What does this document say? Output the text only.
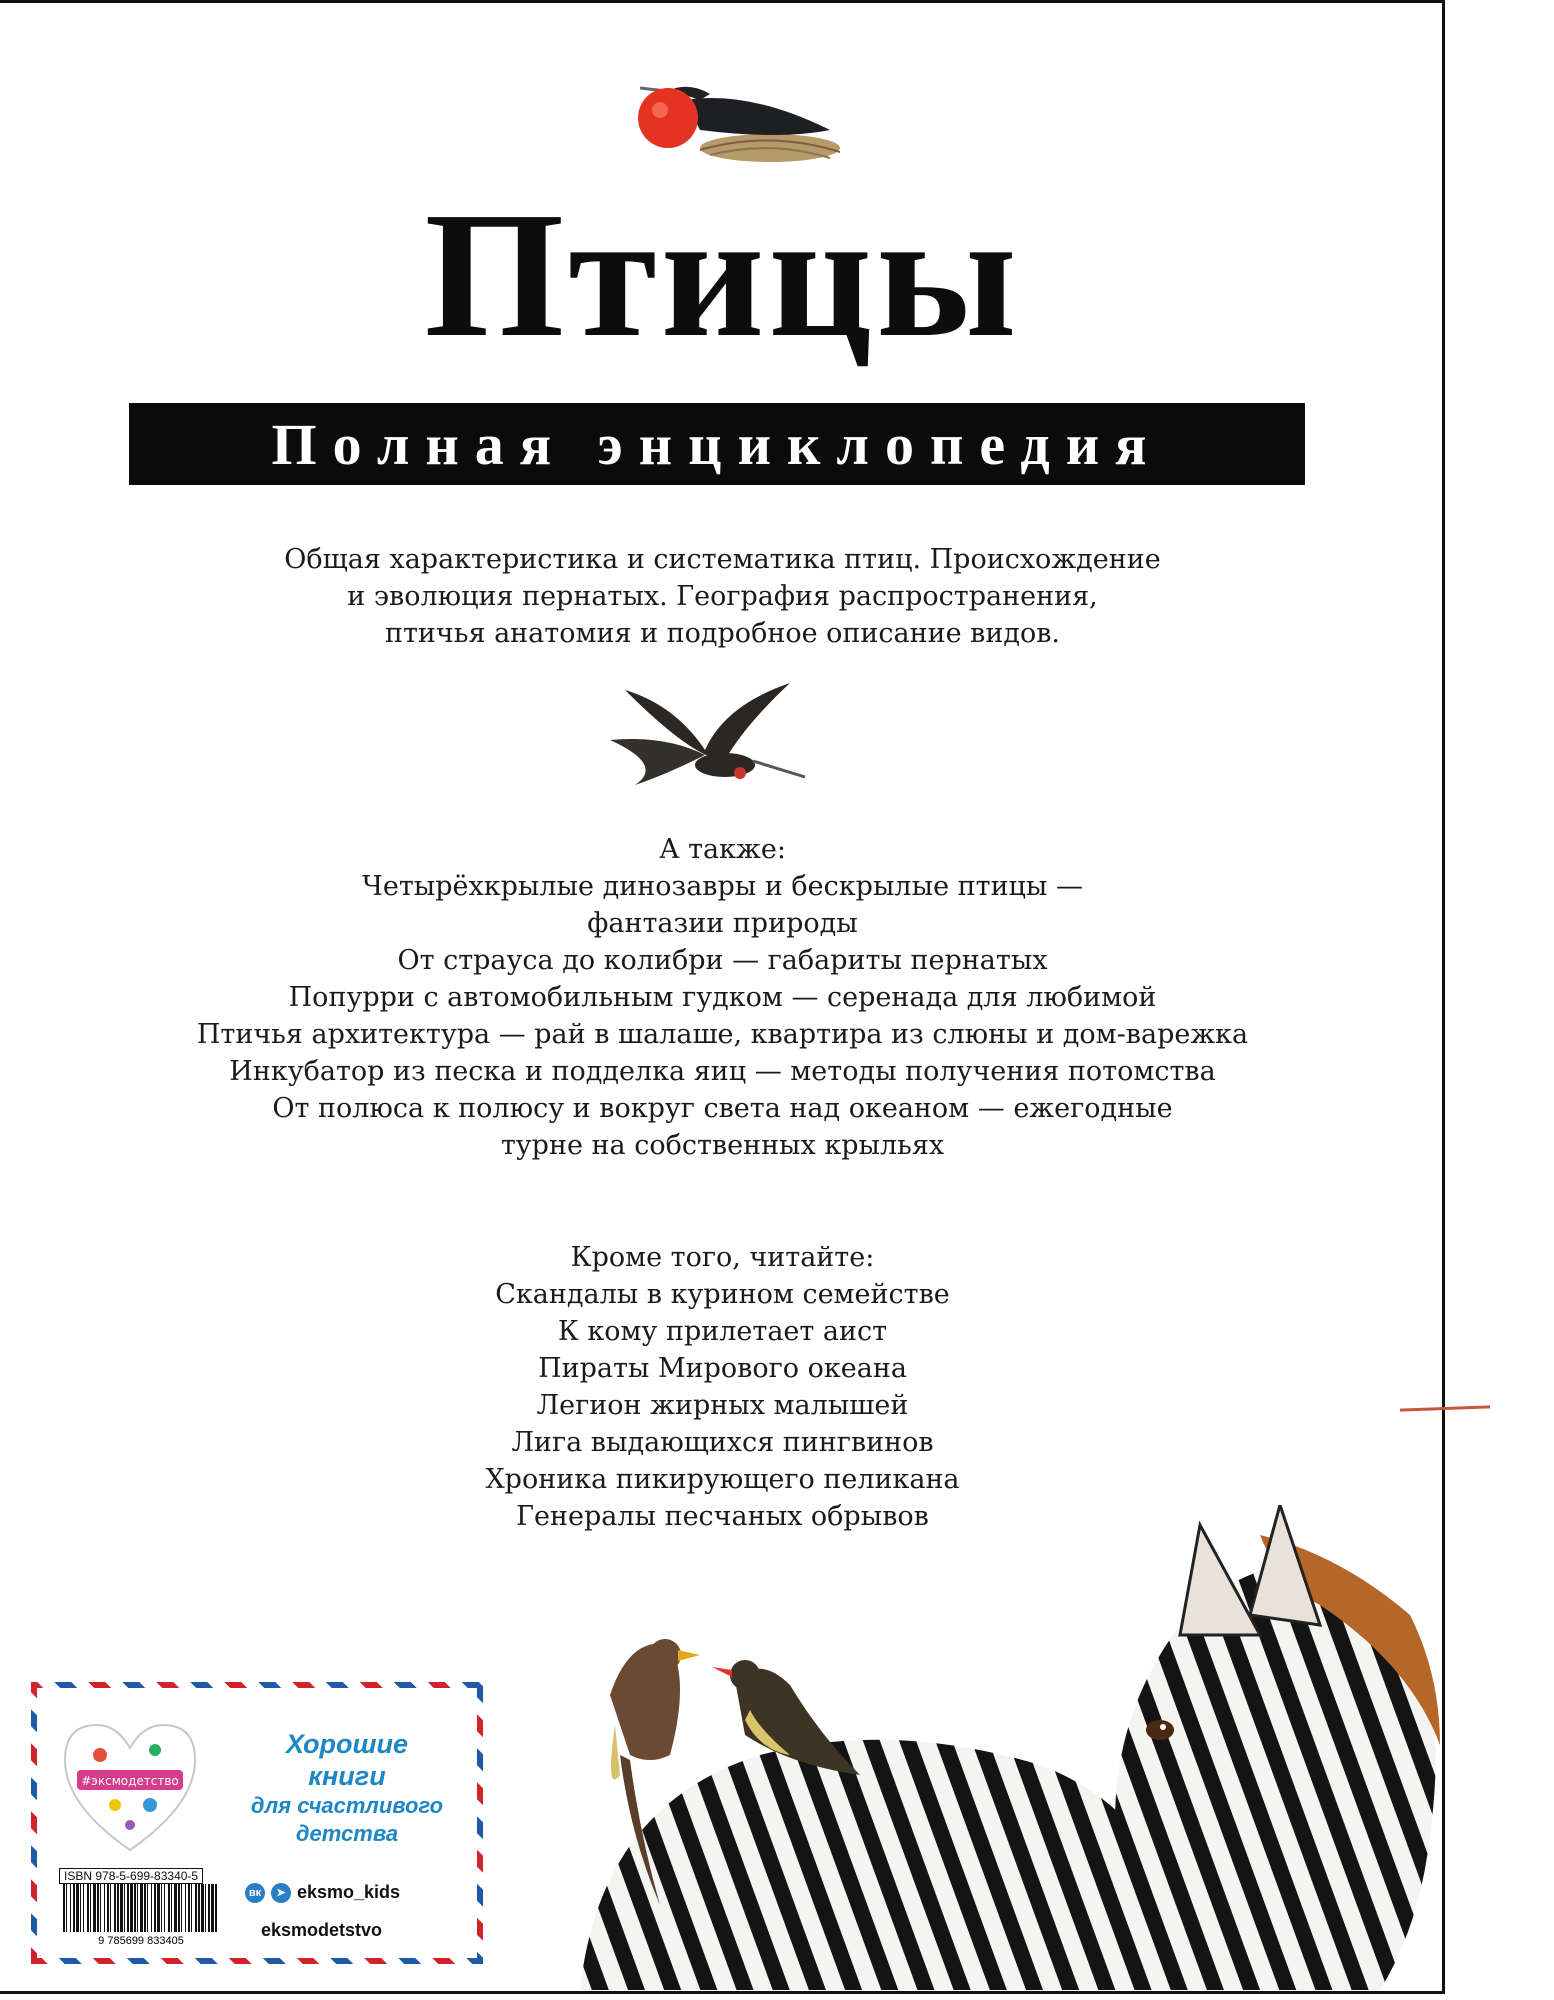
Птицы
Полная энциклопедия
Общая характеристика и систематика птиц. Происхождение
и эволюция пернатых. География распространения,
птичья анатомия и подробное описание видов.
А также:
Четырёхкрылые динозавры и бескрылые птицы —
фантазии природы
От страуса до колибри — габариты пернатых
Попурри с автомобильным гудком — серенада для любимой
Птичья архитектура — рай в шалаше, квартира из слюны и дом-варежка
Инкубатор из песка и подделка яиц — методы получения потомства
От полюса к полюсу и вокруг света над океаном — ежегодные
турне на собственных крыльях
Кроме того, читайте:
Скандалы в курином семействе
К кому прилетает аист
Пираты Мирового океана
Легион жирных малышей
Лига выдающихся пингвинов
Хроника пикирующего пеликана
Генералы песчаных обрывов
#эксмодетство
Хорошие
книги
для счастливого
детства
ISBN 978-5-699-83340-5
9 785699 833405
вк	➤ eksmo_kids
eksmodetstvo
